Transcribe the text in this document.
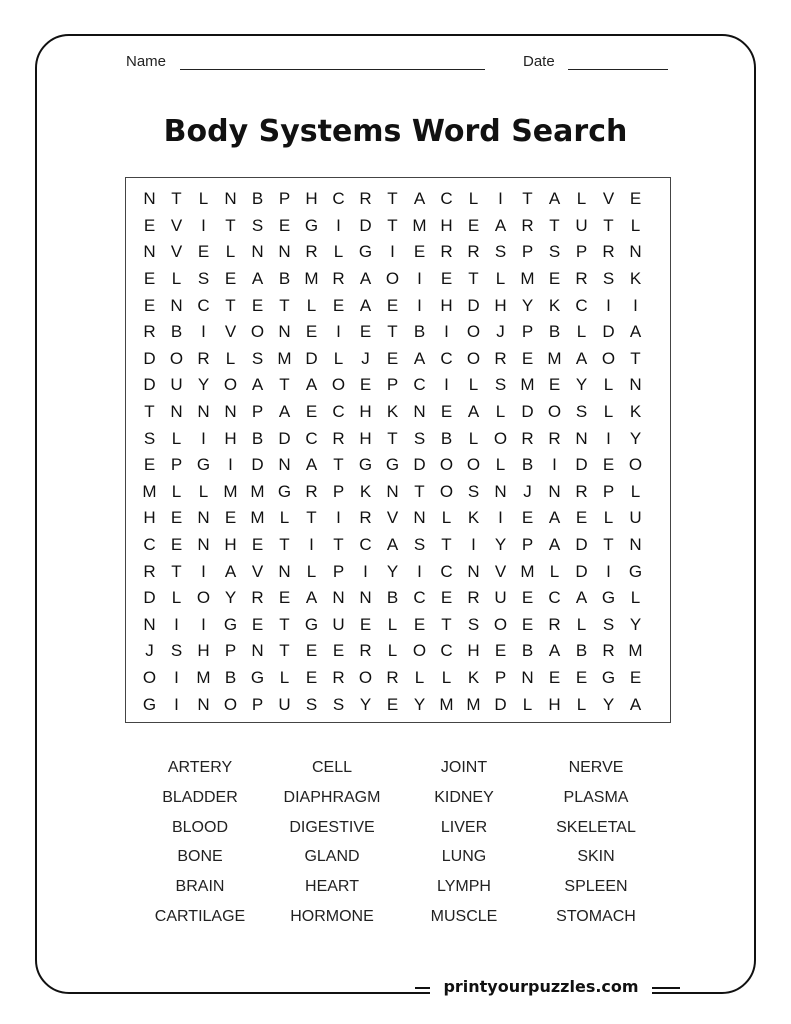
Name	Date
Body Systems Word Search
N T	L N B P H C R T A C L	I	T A L V E
E V	I	T S E G	I	D T M H E A R T U T	L
N V E L N N R L G	I	E R R S P S P R N
E L S E A B M R A O	I	E T	L M E R S K
E N C T E T	L E A E	I	H D H Y K C	I	I
R B	I	V O N E	I	E T B	I	O J	P B L D A
D O R L S M D L	J	E A C O R E M A O T
D U Y O A T A O E P C	I	L S M E Y L N
T N N N P A E C H K N E A L D O S L K
S L	I	H B D C R H T S B L O R R N	I	Y
E P G	I	D N A T G G D O O L B	I	D E O
M L	L M M G R P K N T O S N J N R P L
H E N E M L	T	I	R V N L K	I	E A E L U
C E N H E T	I	T C A S T	I	Y P A D T N
R T	I	A V N L P	I	Y	I	C N V M L D	I	G
D L O Y R E A N N B C E R U E C A G L
N	I	I	G E T G U E L E T S O E R L S Y
J	S H P N T E E R L O C H E B A B R M
O	I	M B G L E R O R L	L K P N E E G E
G	I	N O P U S S Y E Y M M D L H L Y A
ARTERY	CELL	JOINT	NERVE
BLADDER	DIAPHRAGM	KIDNEY	PLASMA
BLOOD	DIGESTIVE	LIVER	SKELETAL
BONE	GLAND	LUNG	SKIN
BRAIN	HEART	LYMPH	SPLEEN
CARTILAGE	HORMONE	MUSCLE	STOMACH
printyourpuzzles.com
